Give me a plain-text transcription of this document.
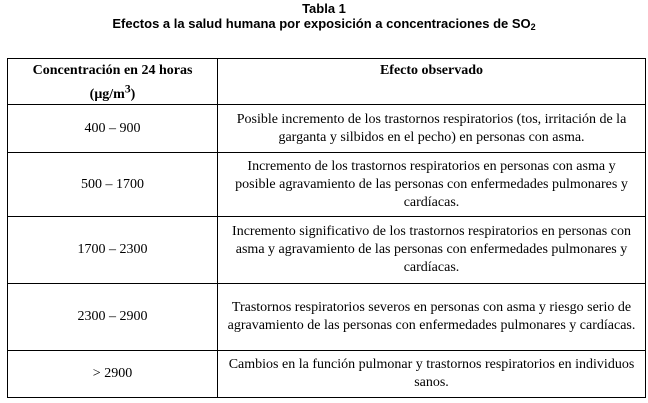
Tabla 1
Efectos a la salud humana por exposición a concentraciones de $SO_2$
Concentración en 24 horas
$(\mu g/m^3)$	Efecto observado
400 – 900	Posible incremento de los trastornos respiratorios (tos, irritación de la garganta y silbidos en el pecho) en personas con asma.
500 – 1700	Incremento de los trastornos respiratorios en personas con asma y posible agravamiento de las personas con enfermedades pulmonares y cardíacas.
1700 – 2300	Incremento significativo de los trastornos respiratorios en personas con asma y agravamiento de las personas con enfermedades pulmonares y cardíacas.
2300 – 2900	Trastornos respiratorios severos en personas con asma y riesgo serio de agravamiento de las personas con enfermedades pulmonares y cardíacas.
> 2900	Cambios en la función pulmonar y trastornos respiratorios en individuos sanos.
